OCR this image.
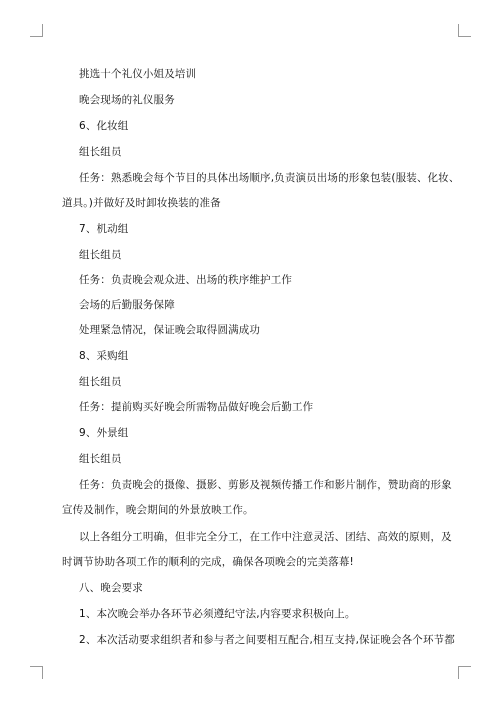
挑选十个礼仪小姐及培训
晚会现场的礼仪服务
6、化妆组
组长组员
任务：熟悉晚会每个节目的具体出场顺序,负责演员出场的形象包装(服装、化妆、
道具。)并做好及时卸妆换装的准备
7、机动组
组长组员
任务：负责晚会观众进、出场的秩序维护工作
会场的后勤服务保障
处理紧急情况，保证晚会取得圆满成功
8、采购组
组长组员
任务：提前购买好晚会所需物品做好晚会后勤工作
9、外景组
组长组员
任务：负责晚会的摄像、摄影、剪影及视频传播工作和影片制作，赞助商的形象
宣传及制作，晚会期间的外景放映工作。
以上各组分工明确，但非完全分工，在工作中注意灵活、团结、高效的原则，及
时调节协助各项工作的顺利的完成，确保各项晚会的完美落幕!
八、晚会要求
1、本次晚会举办各环节必须遵纪守法,内容要求积极向上。
2、本次活动要求组织者和参与者之间要相互配合,相互支持,保证晚会各个环节都
